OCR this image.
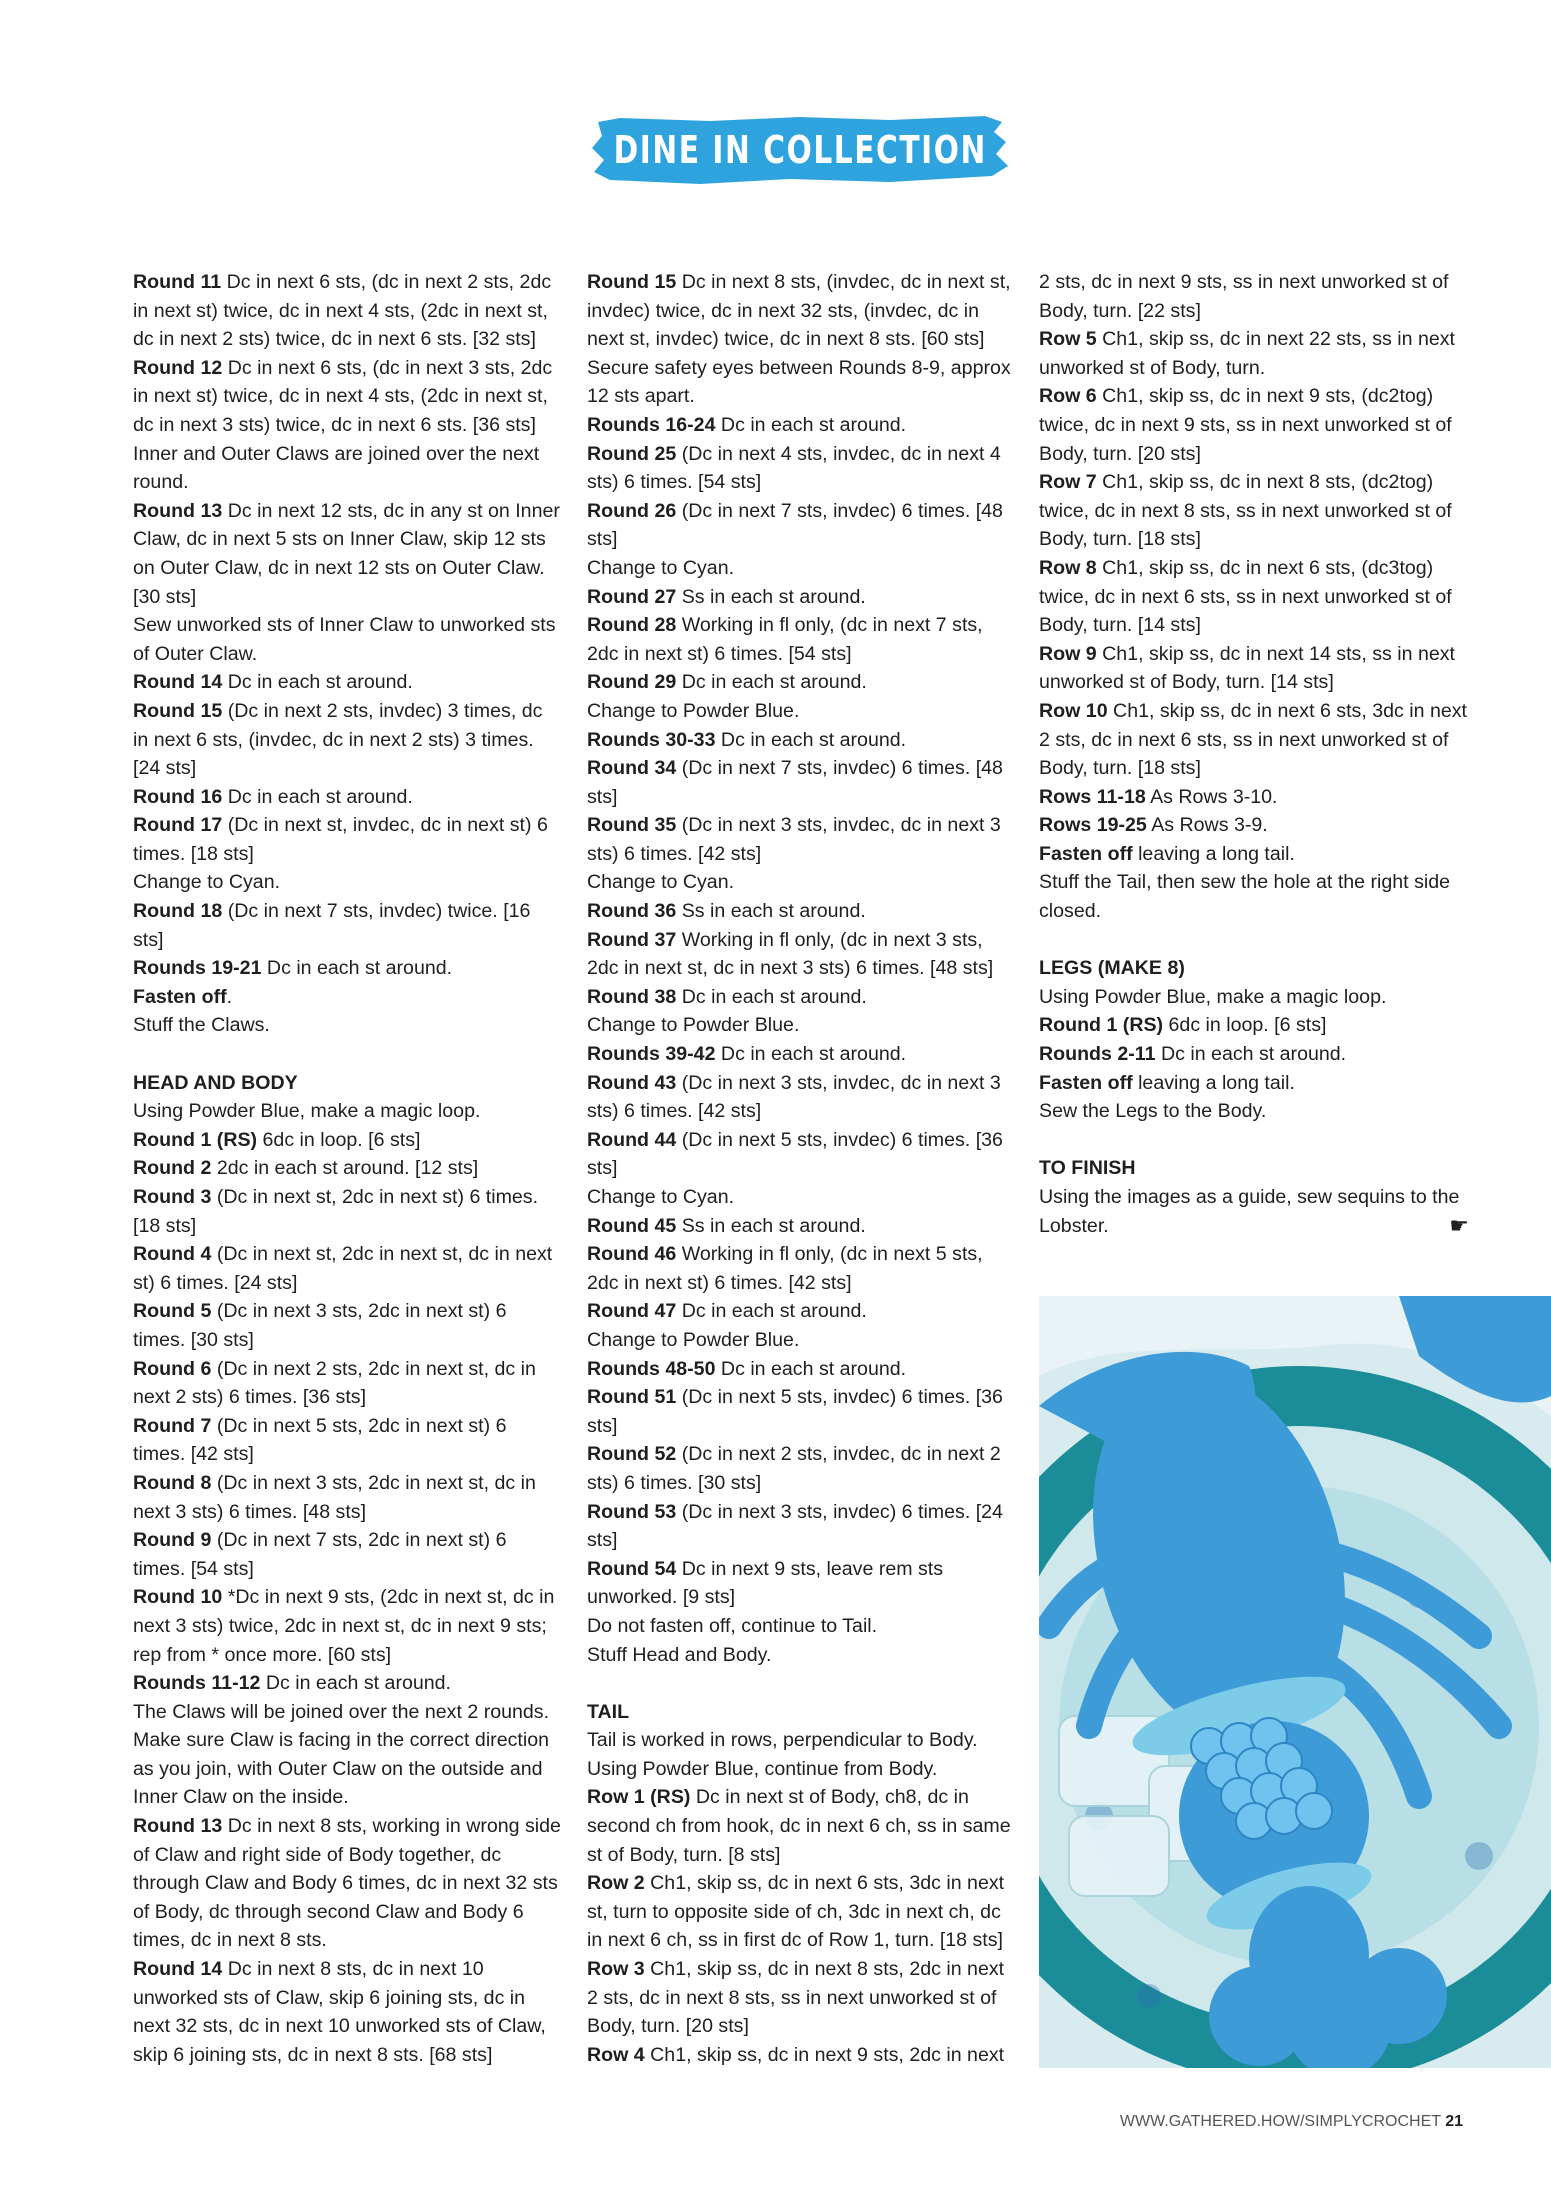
DINE IN COLLECTION

Round 11 Dc in next 6 sts, (dc in next 2 sts, 2dc in next st) twice, dc in next 4 sts, (2dc in next st, dc in next 2 sts) twice, dc in next 6 sts. [32 sts]

Round 12 Dc in next 6 sts, (dc in next 3 sts, 2dc in next st) twice, dc in next 4 sts, (2dc in next st, dc in next 3 sts) twice, dc in next 6 sts. [36 sts]

Inner and Outer Claws are joined over the next round.

Round 13 Dc in next 12 sts, dc in any st on Inner Claw, dc in next 5 sts on Inner Claw, skip 12 sts on Outer Claw, dc in next 12 sts on Outer Claw. [30 sts]

Sew unworked sts of Inner Claw to unworked sts of Outer Claw.

Round 14 Dc in each st around.

Round 15 (Dc in next 2 sts, invdec) 3 times, dc in next 6 sts, (invdec, dc in next 2 sts) 3 times. [24 sts]

Round 16 Dc in each st around.

Round 17 (Dc in next st, invdec, dc in next st) 6 times. [18 sts]

Change to Cyan.

Round 18 (Dc in next 7 sts, invdec) twice. [16 sts]

Rounds 19-21 Dc in each st around.

Fasten off.

Stuff the Claws.

HEAD AND BODY

Using Powder Blue, make a magic loop.

Round 1 (RS) 6dc in loop. [6 sts]

Round 2 2dc in each st around. [12 sts]

Round 3 (Dc in next st, 2dc in next st) 6 times. [18 sts]

Round 4 (Dc in next st, 2dc in next st, dc in next st) 6 times. [24 sts]

Round 5 (Dc in next 3 sts, 2dc in next st) 6 times. [30 sts]

Round 6 (Dc in next 2 sts, 2dc in next st, dc in next 2 sts) 6 times. [36 sts]

Round 7 (Dc in next 5 sts, 2dc in next st) 6 times. [42 sts]

Round 8 (Dc in next 3 sts, 2dc in next st, dc in next 3 sts) 6 times. [48 sts]

Round 9 (Dc in next 7 sts, 2dc in next st) 6 times. [54 sts]

Round 10 *Dc in next 9 sts, (2dc in next st, dc in next 3 sts) twice, 2dc in next st, dc in next 9 sts; rep from * once more. [60 sts]

Rounds 11-12 Dc in each st around.

The Claws will be joined over the next 2 rounds. Make sure Claw is facing in the correct direction as you join, with Outer Claw on the outside and Inner Claw on the inside.

Round 13 Dc in next 8 sts, working in wrong side of Claw and right side of Body together, dc through Claw and Body 6 times, dc in next 32 sts of Body, dc through second Claw and Body 6 times, dc in next 8 sts.

Round 14 Dc in next 8 sts, dc in next 10 unworked sts of Claw, skip 6 joining sts, dc in next 32 sts, dc in next 10 unworked sts of Claw, skip 6 joining sts, dc in next 8 sts. [68 sts]

Round 15 Dc in next 8 sts, (invdec, dc in next st, invdec) twice, dc in next 32 sts, (invdec, dc in next st, invdec) twice, dc in next 8 sts. [60 sts]

Secure safety eyes between Rounds 8-9, approx 12 sts apart.

Rounds 16-24 Dc in each st around.

Round 25 (Dc in next 4 sts, invdec, dc in next 4 sts) 6 times. [54 sts]

Round 26 (Dc in next 7 sts, invdec) 6 times. [48 sts]

Change to Cyan.

Round 27 Ss in each st around.

Round 28 Working in fl only, (dc in next 7 sts, 2dc in next st) 6 times. [54 sts]

Round 29 Dc in each st around.

Change to Powder Blue.

Rounds 30-33 Dc in each st around.

Round 34 (Dc in next 7 sts, invdec) 6 times. [48 sts]

Round 35 (Dc in next 3 sts, invdec, dc in next 3 sts) 6 times. [42 sts]

Change to Cyan.

Round 36 Ss in each st around.

Round 37 Working in fl only, (dc in next 3 sts, 2dc in next st, dc in next 3 sts) 6 times. [48 sts]

Round 38 Dc in each st around.

Change to Powder Blue.

Rounds 39-42 Dc in each st around.

Round 43 (Dc in next 3 sts, invdec, dc in next 3 sts) 6 times. [42 sts]

Round 44 (Dc in next 5 sts, invdec) 6 times. [36 sts]

Change to Cyan.

Round 45 Ss in each st around.

Round 46 Working in fl only, (dc in next 5 sts, 2dc in next st) 6 times. [42 sts]

Round 47 Dc in each st around.

Change to Powder Blue.

Rounds 48-50 Dc in each st around.

Round 51 (Dc in next 5 sts, invdec) 6 times. [36 sts]

Round 52 (Dc in next 2 sts, invdec, dc in next 2 sts) 6 times. [30 sts]

Round 53 (Dc in next 3 sts, invdec) 6 times. [24 sts]

Round 54 Dc in next 9 sts, leave rem sts unworked. [9 sts]

Do not fasten off, continue to Tail.

Stuff Head and Body.

TAIL

Tail is worked in rows, perpendicular to Body.

Using Powder Blue, continue from Body.

Row 1 (RS) Dc in next st of Body, ch8, dc in second ch from hook, dc in next 6 ch, ss in same st of Body, turn. [8 sts]

Row 2 Ch1, skip ss, dc in next 6 sts, 3dc in next st, turn to opposite side of ch, 3dc in next ch, dc in next 6 ch, ss in first dc of Row 1, turn. [18 sts]

Row 3 Ch1, skip ss, dc in next 8 sts, 2dc in next 2 sts, dc in next 8 sts, ss in next unworked st of Body, turn. [20 sts]

Row 4 Ch1, skip ss, dc in next 9 sts, 2dc in next

2 sts, dc in next 9 sts, ss in next unworked st of Body, turn. [22 sts]

Row 5 Ch1, skip ss, dc in next 22 sts, ss in next unworked st of Body, turn.

Row 6 Ch1, skip ss, dc in next 9 sts, (dc2tog) twice, dc in next 9 sts, ss in next unworked st of Body, turn. [20 sts]

Row 7 Ch1, skip ss, dc in next 8 sts, (dc2tog) twice, dc in next 8 sts, ss in next unworked st of Body, turn. [18 sts]

Row 8 Ch1, skip ss, dc in next 6 sts, (dc3tog) twice, dc in next 6 sts, ss in next unworked st of Body, turn. [14 sts]

Row 9 Ch1, skip ss, dc in next 14 sts, ss in next unworked st of Body, turn. [14 sts]

Row 10 Ch1, skip ss, dc in next 6 sts, 3dc in next 2 sts, dc in next 6 sts, ss in next unworked st of Body, turn. [18 sts]

Rows 11-18 As Rows 3-10.

Rows 19-25 As Rows 3-9.

Fasten off leaving a long tail.

Stuff the Tail, then sew the hole at the right side closed.

LEGS (MAKE 8)

Using Powder Blue, make a magic loop.

Round 1 (RS) 6dc in loop. [6 sts]

Rounds 2-11 Dc in each st around.

Fasten off leaving a long tail.

Sew the Legs to the Body.

TO FINISH

Using the images as a guide, sew sequins to the Lobster.	☛

WWW.GATHERED.HOW/SIMPLYCROCHET 21
